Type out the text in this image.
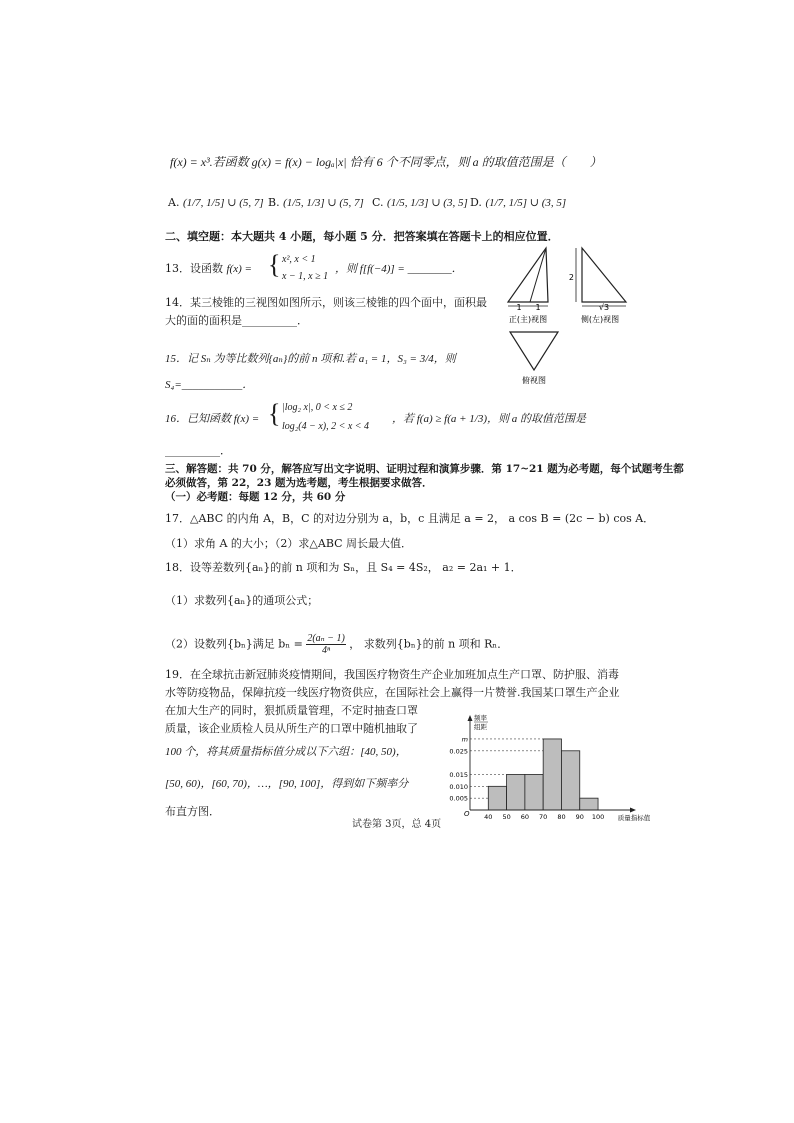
f(x) = x³.若函数 g(x) = f(x) − logₐ|x| 恰有 6 个不同零点，则 a 的取值范围是（　　）
A. (1/7, 1/5] ∪ (5, 7] B. (1/5, 1/3] ∪ (5, 7] C. (1/5, 1/3] ∪ (3, 5] D. (1/7, 1/5] ∪ (3, 5]
二、填空题：本大题共 4 小题，每小题 5 分．把答案填在答题卡上的相应位置．
13．设函数 f(x) = { x², x < 1
x − 1, x ≥ 1
，则 f[f(−4)] = ________．
14．某三棱锥的三视图如图所示，则该三棱锥的四个面中，面积最
大的面的面积是__________．
1 1
正(主)视图
2
√3
侧(左)视图
俯视图
15．记 Sₙ 为等比数列{aₙ}的前 n 项和.若 a₁ = 1，S₃ = 3/4，则
S₄=___________．
16．已知函数 f(x) = { |log₂ x|, 0 < x ≤ 2
log₂(4 − x), 2 < x < 4
，若 f(a) ≥ f(a + 1/3)，则 a 的取值范围是
__________．
三、解答题：共 70 分，解答应写出文字说明、证明过程和演算步骤．第 17~21 题为必考题，每个试题考生都
必须做答，第 22，23 题为选考题，考生根据要求做答．
（一）必考题：每题 12 分，共 60 分
17．△ABC 的内角 A，B，C 的对边分别为 a，b，c 且满足 a = 2， a cos B = (2c − b) cos A．
（1）求角 A 的大小；（2）求△ABC 周长最大值．
18．设等差数列{aₙ}的前 n 项和为 Sₙ，且 S₄ = 4S₂， a₂ = 2a₁ + 1．
（1）求数列{aₙ}的通项公式；
（2）设数列{bₙ}满足 $b_n = \frac{\text{2(aₙ − 1)}}{\text{4ⁿ}}$ ， 求数列{bₙ}的前 n 项和 Rₙ．
19．在全球抗击新冠肺炎疫情期间，我国医疗物资生产企业加班加点生产口罩、防护服、消毒
水等防疫物品，保障抗疫一线医疗物资供应，在国际社会上赢得一片赞誉.我国某口罩生产企业
在加大生产的同时，狠抓质量管理，不定时抽查口罩
质量，该企业质检人员从所生产的口罩中随机抽取了
100 个，将其质量指标值分成以下六组：[40, 50)，
[50, 60)，[60, 70)，…，[90, 100]，得到如下频率分
布直方图．
0.005
0.010
0.015
0.025
m
40 50 60 70 80 90 100
频率
组距
质量指标值
O
试卷第 3页，总 4页
